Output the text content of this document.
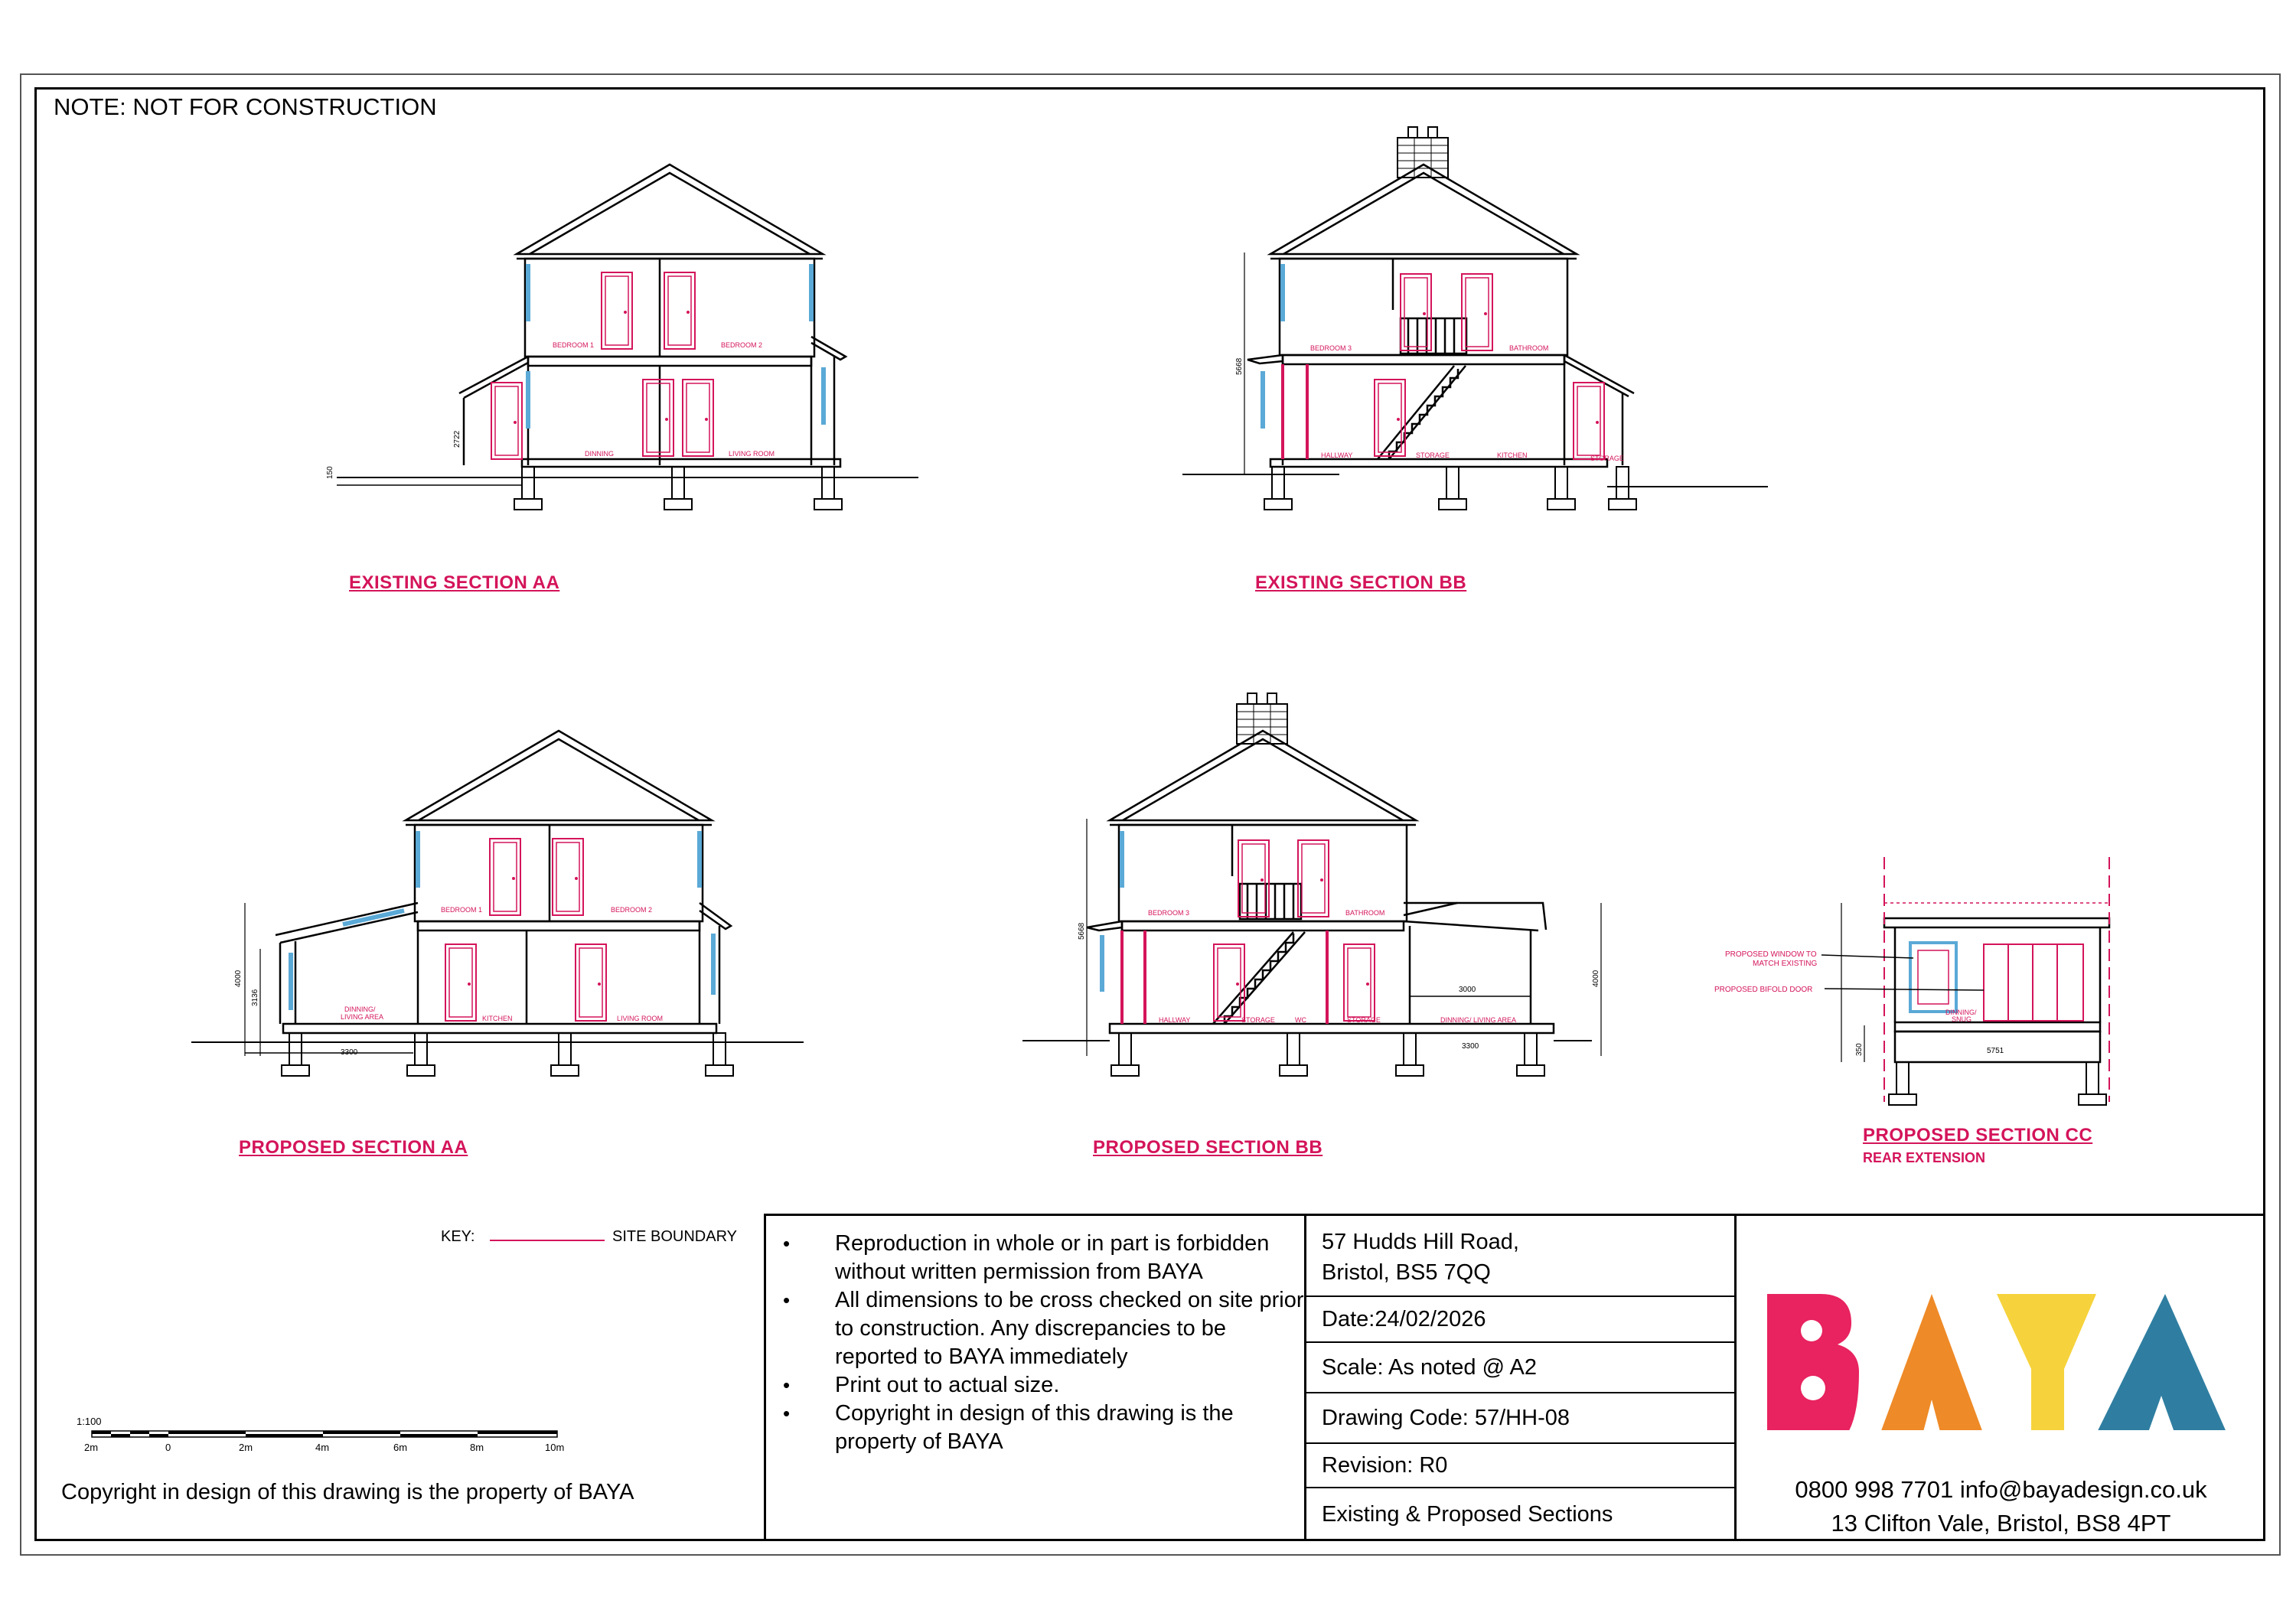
NOTE: NOT FOR CONSTRUCTION
BEDROOM 1	BEDROOM 2
DINNING	LIVING ROOM
BEDROOM 3	BATHROOM
HALLWAY	STORAGE	KITCHEN	STORAGE
BEDROOM 1	BEDROOM 2
DINNING/
LIVING AREA	KITCHEN	LIVING ROOM
BEDROOM 3	BATHROOM
HALLWAY	STORAGE	WC	STORAGE	DINNING/ LIVING AREA
DINNING/
SNUG
PROPOSED WINDOW TO
MATCH EXISTING
PROPOSED BIFOLD DOOR
2722
5668
4000
3136
3300
5668
3000
3300
4000
5751
350
150
EXISTING SECTION AA	EXISTING SECTION BB
PROPOSED SECTION AA	PROPOSED SECTION BB
PROPOSED SECTION CC
REAR EXTENSION
KEY:	SITE BOUNDARY
1:100
2m	0	2m	4m	6m	8m	10m
Copyright in design of this drawing is the property of BAYA
• Reproduction in whole or in part is forbidden without written permission from BAYA
• All dimensions to be cross checked on site prior to construction. Any discrepancies to be reported to BAYA immediately
• Print out to actual size.
• Copyright in design of this drawing is the property of BAYA
57 Hudds Hill Road,
Bristol, BS5 7QQ
Date:24/02/2026
Scale: As noted @ A2
Drawing Code: 57/HH-08
Revision: R0
Existing & Proposed Sections
0800 998 7701 info@bayadesign.co.uk
13 Clifton Vale, Bristol, BS8 4PT
